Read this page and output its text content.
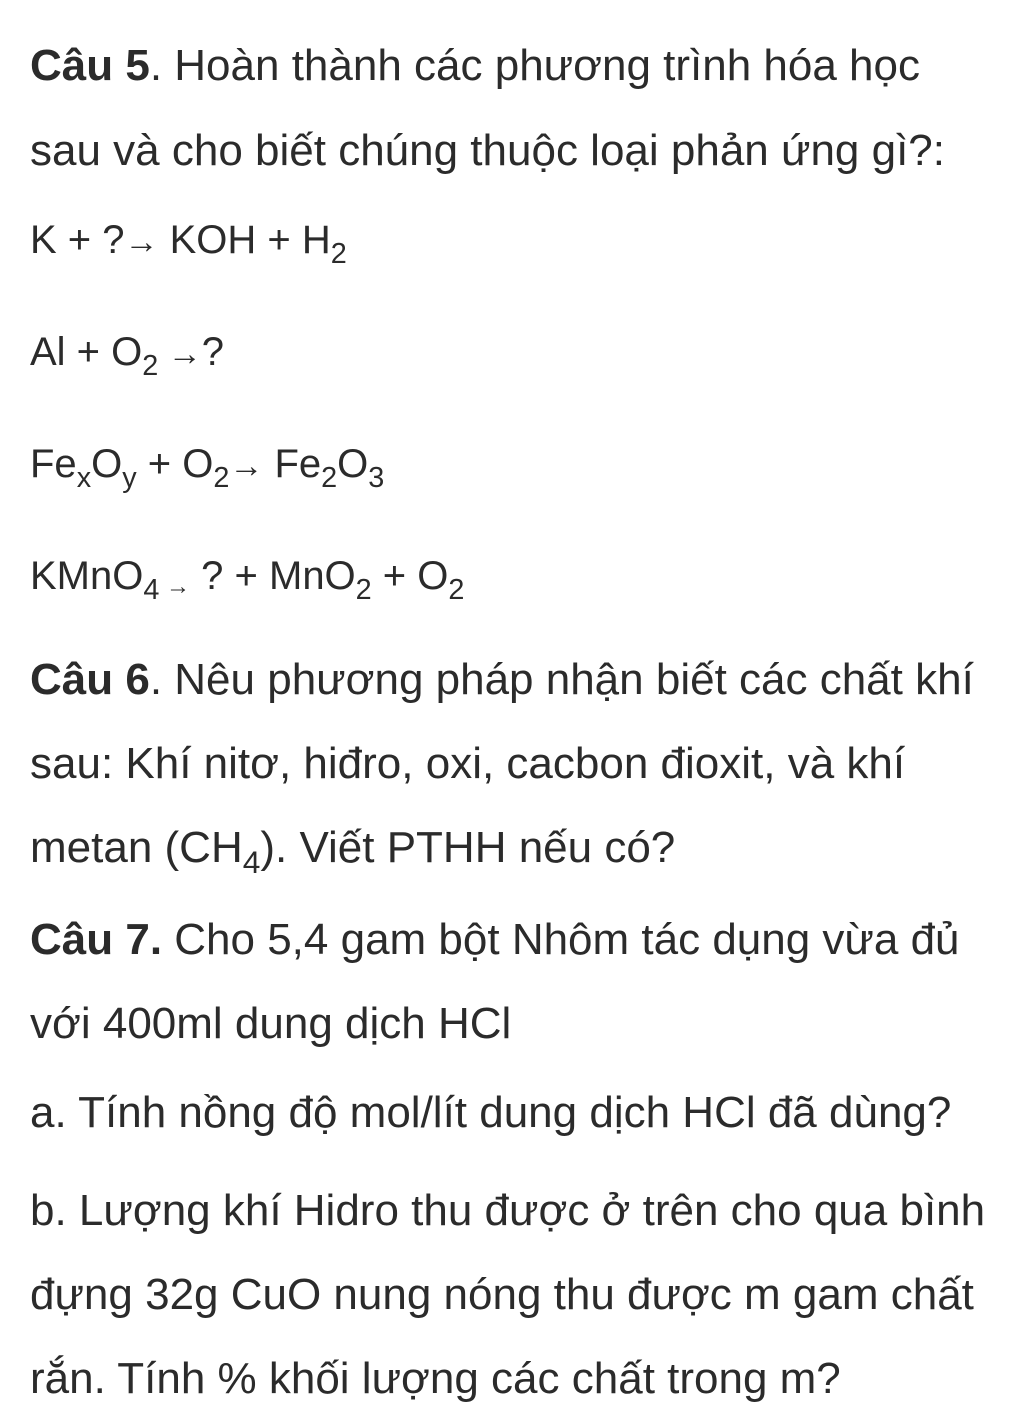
Câu 5. Hoàn thành các phương trình hóa học
sau và cho biết chúng thuộc loại phản ứng gì?:
K + ?→ KOH + $H_2$
$Al + O_2$ →?
$Fe_xO_y + O_2\to Fe_2O_3$
KMnO$_4$ → ? + $MnO_2 + O_2$
Câu 6. Nêu phương pháp nhận biết các chất khí
sau: Khí nitơ, hiđro, oxi, cacbon đioxit, và khí
metan $(CH_4)$. Viết PTHH nếu có?
Câu 7. Cho 5,4 gam bột Nhôm tác dụng vừa đủ
với 400ml dung dịch HCl
a. Tính nồng độ mol/lít dung dịch HCl đã dùng?
b. Lượng khí Hidro thu được ở trên cho qua bình
đựng 32g CuO nung nóng thu được m gam chất
rắn. Tính % khối lượng các chất trong m?
